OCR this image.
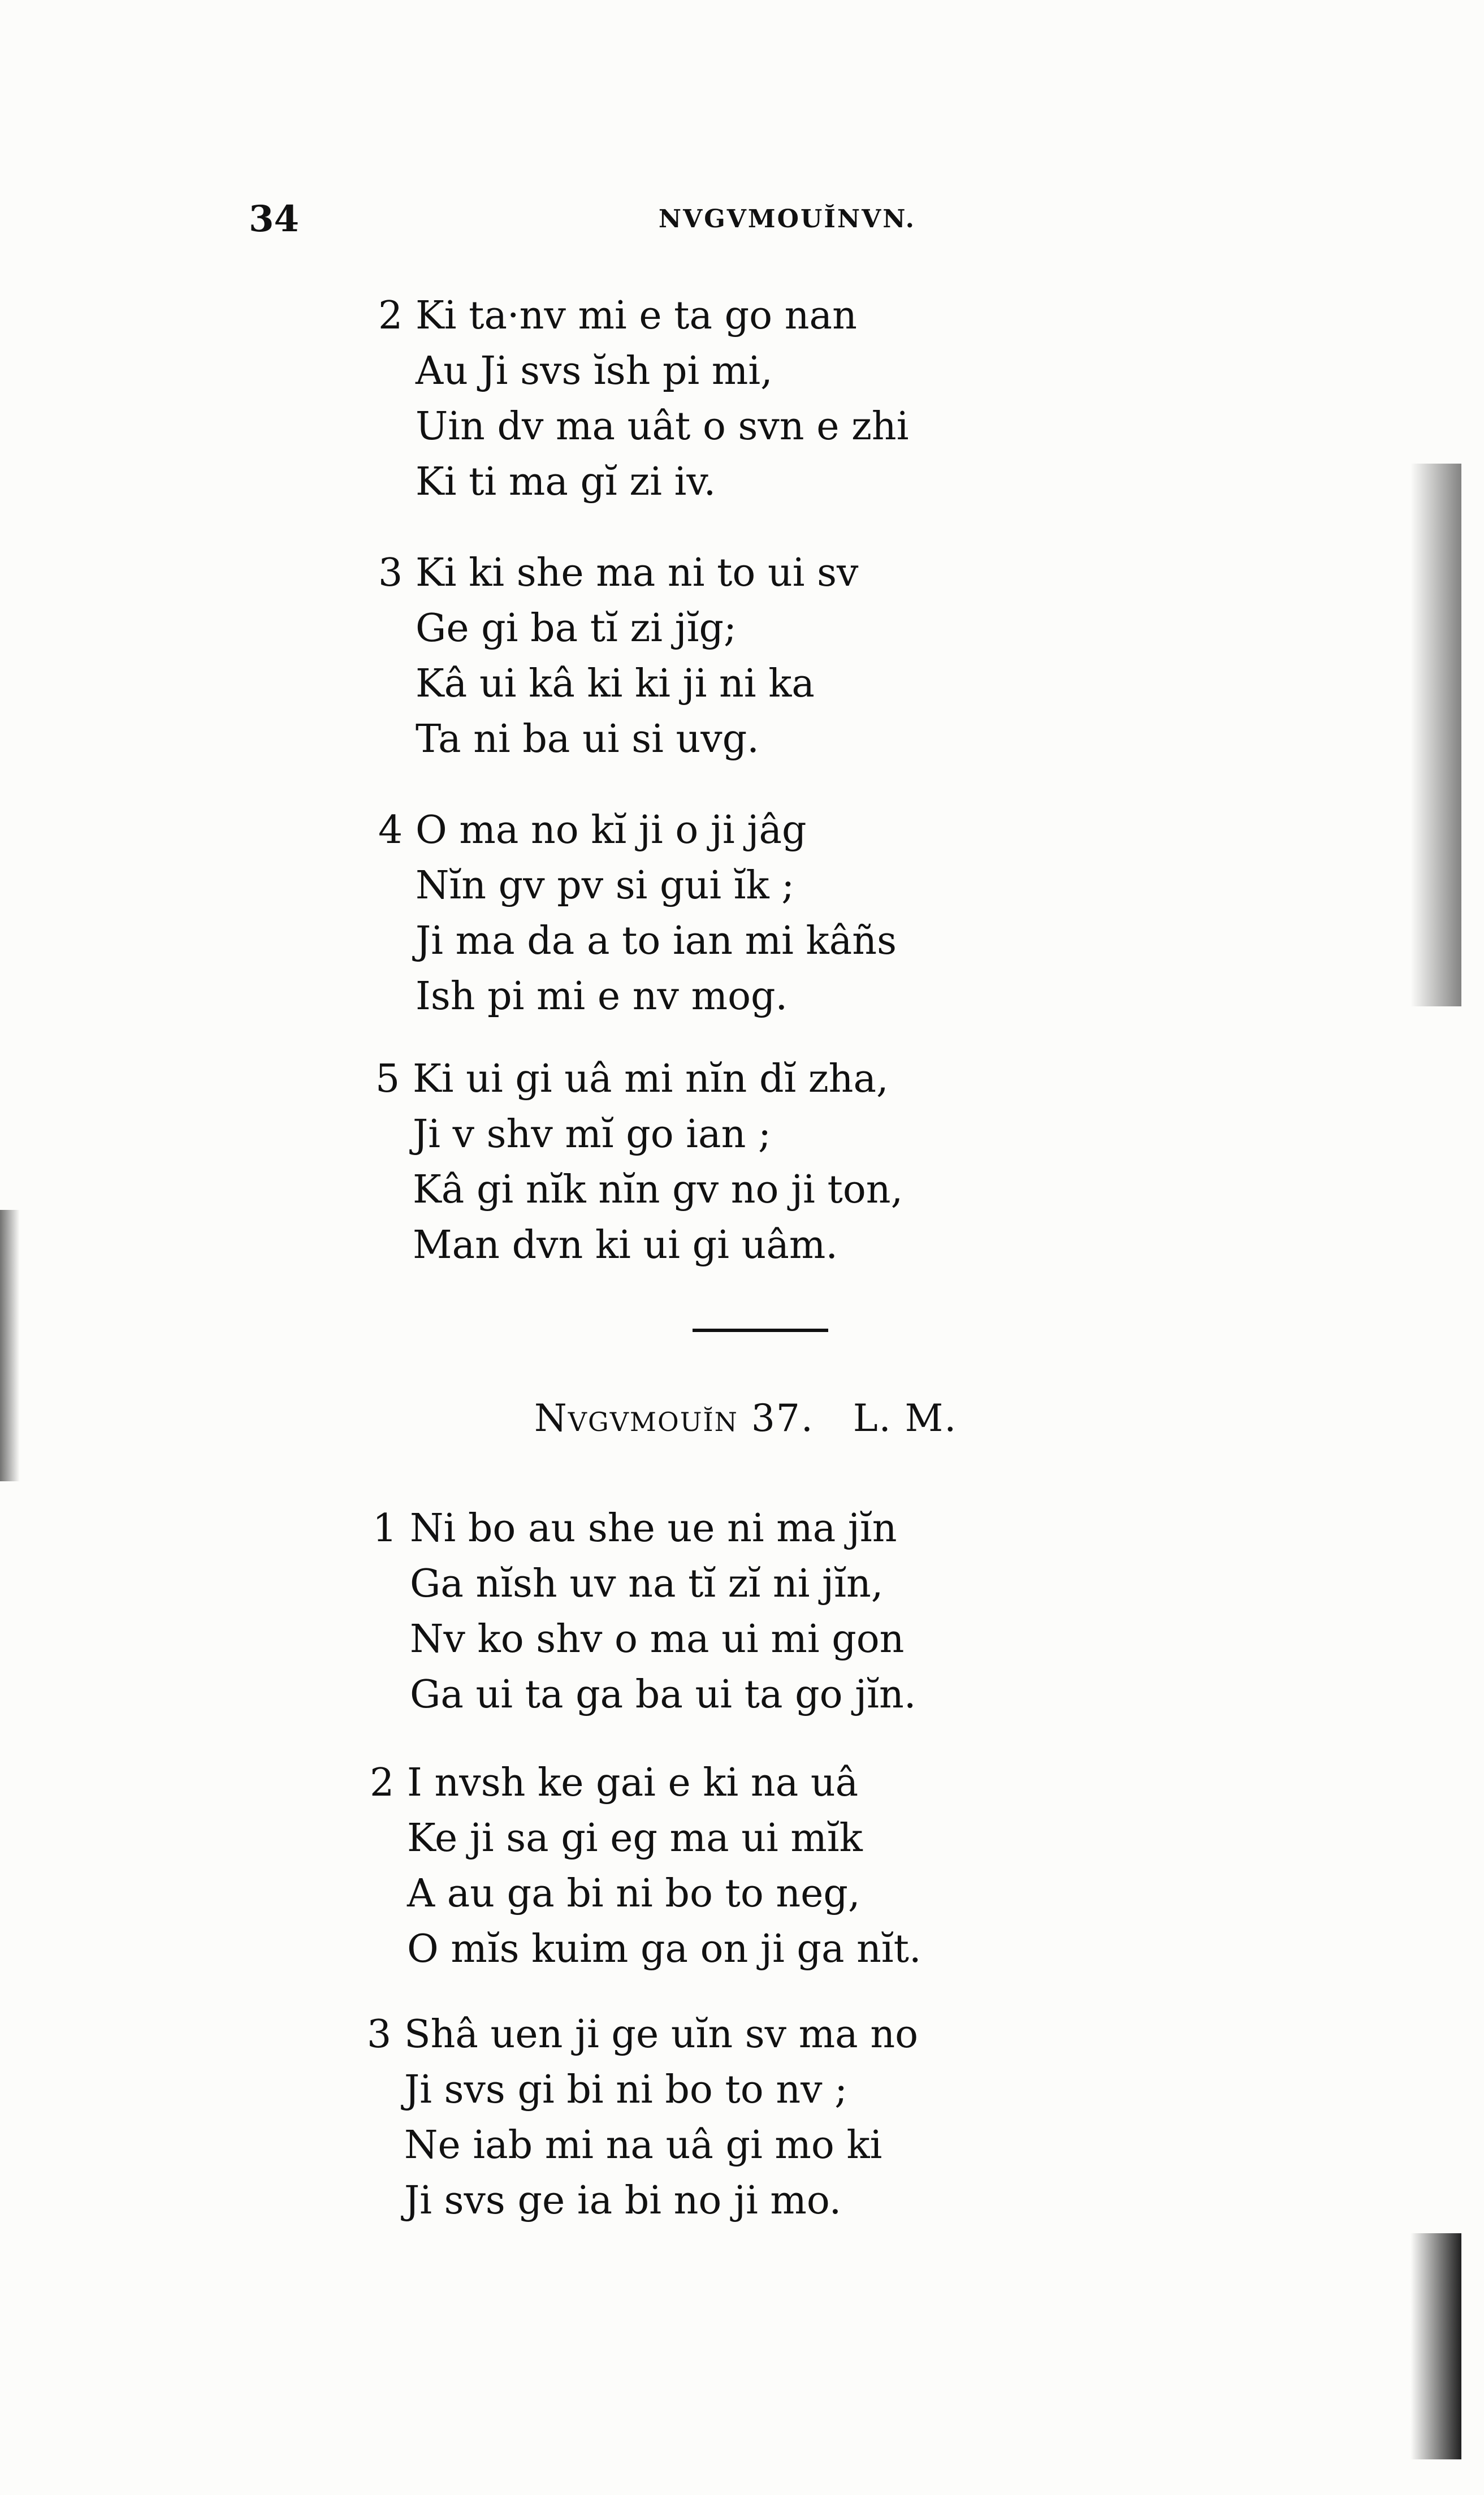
34	NVGVMOUĬNVN.
2 Ki ta·nv mi e ta go nan
Au Ji svs ĭsh pi mi,
Uin dv ma uât o svn e zhi
Ki ti ma gĭ zi iv.
3 Ki ki she ma ni to ui sv
Ge gi ba tĭ zi jĭg;
Kâ ui kâ ki ki ji ni ka
Ta ni ba ui si uvg.
4 O ma no kĭ ji o ji jâg
Nĭn gv pv si gui ĭk ;
Ji ma da a to ian mi kâñs
Ish pi mi e nv mog.
5 Ki ui gi uâ mi nĭn dĭ zha,
Ji v shv mĭ go ian ;
Kâ gi nĭk nĭn gv no ji ton,
Man dvn ki ui gi uâm.
Nvgvmouĭn 37. L. M.
1 Ni bo au she ue ni ma jĭn
Ga nĭsh uv na tĭ zĭ ni jĭn,
Nv ko shv o ma ui mi gon
Ga ui ta ga ba ui ta go jĭn.
2 I nvsh ke gai e ki na uâ
Ke ji sa gi eg ma ui mĭk
A au ga bi ni bo to neg,
O mĭs kuim ga on ji ga nĭt.
3 Shâ uen ji ge uĭn sv ma no
Ji svs gi bi ni bo to nv ;
Ne iab mi na uâ gi mo ki
Ji svs ge ia bi no ji mo.
